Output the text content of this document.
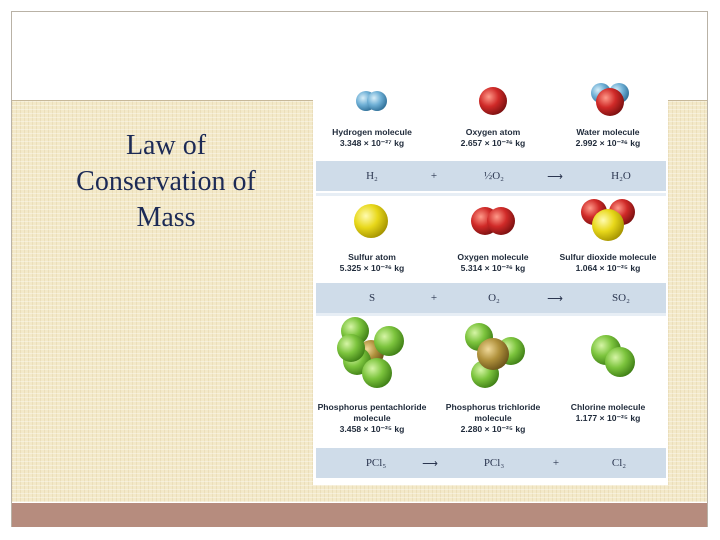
Law of
Conservation of
Mass
Hydrogen molecule
3.348 × 10⁻²⁷ kg
Oxygen atom
2.657 × 10⁻²⁶ kg
Water molecule
2.992 × 10⁻²⁶ kg
H₂	+	½O₂	⟶	H₂O
Sulfur atom
5.325 × 10⁻²⁶ kg
Oxygen molecule
5.314 × 10⁻²⁶ kg
Sulfur dioxide molecule
1.064 × 10⁻²⁵ kg
S	+	O₂	⟶	SO₂
Phosphorus pentachloride molecule
3.458 × 10⁻²⁵ kg
Phosphorus trichloride molecule
2.280 × 10⁻²⁵ kg
Chlorine molecule
1.177 × 10⁻²⁵ kg
PCl₅	⟶	PCl₃	+	Cl₂
